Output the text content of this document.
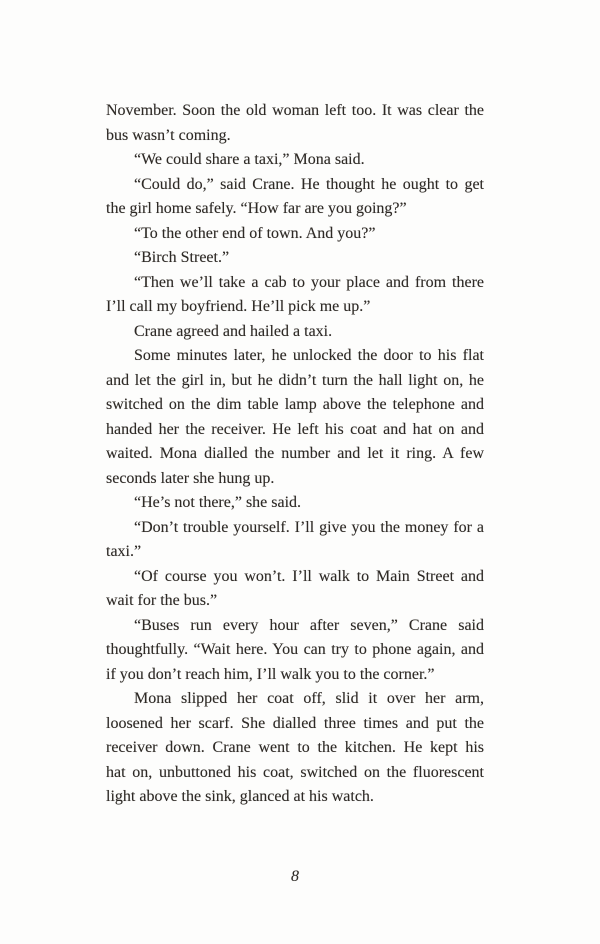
November. Soon the old woman left too. It was clear the
bus wasn’t coming.
“We could share a taxi,” Mona said.
“Could do,” said Crane. He thought he ought to get
the girl home safely. “How far are you going?”
“To the other end of town. And you?”
“Birch Street.”
“Then we’ll take a cab to your place and from there
I’ll call my boyfriend. He’ll pick me up.”
Crane agreed and hailed a taxi.
Some minutes later, he unlocked the door to his flat
and let the girl in, but he didn’t turn the hall light on, he
switched on the dim table lamp above the telephone and
handed her the receiver. He left his coat and hat on and
waited. Mona dialled the number and let it ring. A few
seconds later she hung up.
“He’s not there,” she said.
“Don’t trouble yourself. I’ll give you the money for a
taxi.”
“Of course you won’t. I’ll walk to Main Street and
wait for the bus.”
“Buses run every hour after seven,” Crane said
thoughtfully. “Wait here. You can try to phone again, and
if you don’t reach him, I’ll walk you to the corner.”
Mona slipped her coat off, slid it over her arm,
loosened her scarf. She dialled three times and put the
receiver down. Crane went to the kitchen. He kept his
hat on, unbuttoned his coat, switched on the fluorescent
light above the sink, glanced at his watch.
8
